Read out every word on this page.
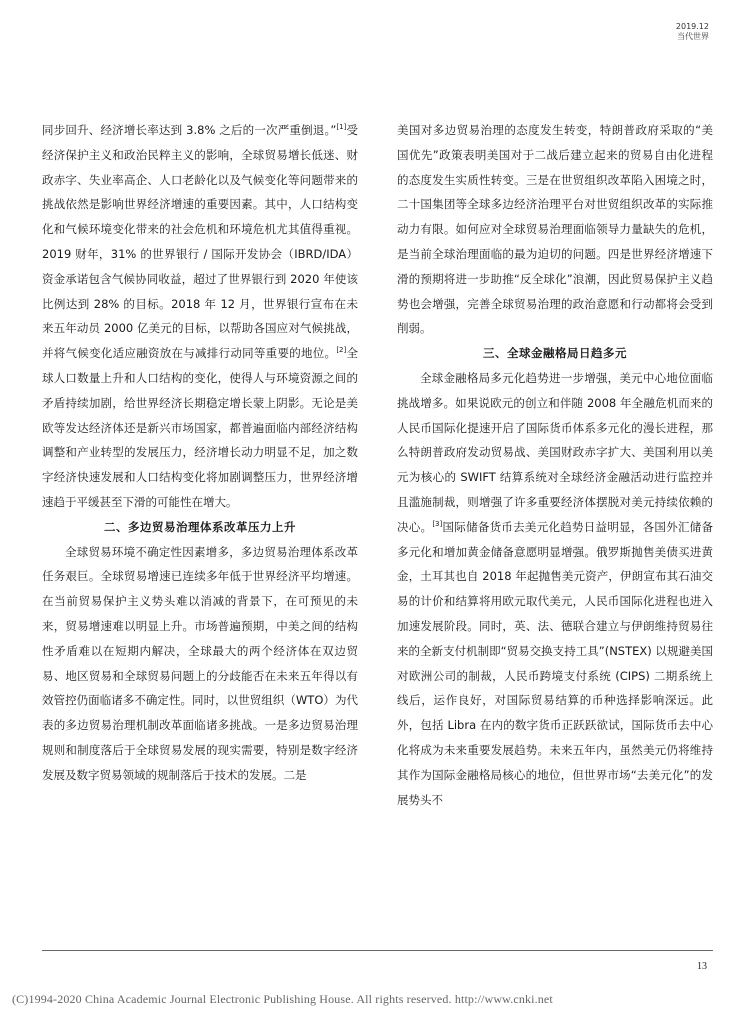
2019.12
当代世界

同步回升、经济增长率达到 3.8% 之后的一次严重倒退。”[1]受经济保护主义和政治民粹主义的影响，全球贸易增长低迷、财政赤字、失业率高企、人口老龄化以及气候变化等问题带来的挑战依然是影响世界经济增速的重要因素。其中，人口结构变化和气候环境变化带来的社会危机和环境危机尤其值得重视。2019 财年，31% 的世界银行 / 国际开发协会（IBRD/IDA）资金承诺包含气候协同收益，超过了世界银行到 2020 年使该比例达到 28% 的目标。2018 年 12 月，世界银行宣布在未来五年动员 2000 亿美元的目标，以帮助各国应对气候挑战，并将气候变化适应融资放在与减排行动同等重要的地位。[2]全球人口数量上升和人口结构的变化，使得人与环境资源之间的矛盾持续加剧，给世界经济长期稳定增长蒙上阴影。无论是美欧等发达经济体还是新兴市场国家，都普遍面临内部经济结构调整和产业转型的发展压力，经济增长动力明显不足，加之数字经济快速发展和人口结构变化将加剧调整压力，世界经济增速趋于平缓甚至下滑的可能性在增大。

二、多边贸易治理体系改革压力上升

全球贸易环境不确定性因素增多，多边贸易治理体系改革任务艰巨。全球贸易增速已连续多年低于世界经济平均增速。在当前贸易保护主义势头难以消减的背景下，在可预见的未来，贸易增速难以明显上升。市场普遍预期，中美之间的结构性矛盾难以在短期内解决，全球最大的两个经济体在双边贸易、地区贸易和全球贸易问题上的分歧能否在未来五年得以有效管控仍面临诸多不确定性。同时，以世贸组织（WTO）为代表的多边贸易治理机制改革面临诸多挑战。一是多边贸易治理规则和制度落后于全球贸易发展的现实需要，特别是数字经济发展及数字贸易领域的规制落后于技术的发展。二是

美国对多边贸易治理的态度发生转变，特朗普政府采取的“美国优先”政策表明美国对于二战后建立起来的贸易自由化进程的态度发生实质性转变。三是在世贸组织改革陷入困境之时，二十国集团等全球多边经济治理平台对世贸组织改革的实际推动力有限。如何应对全球贸易治理面临领导力量缺失的危机，是当前全球治理面临的最为迫切的问题。四是世界经济增速下滑的预期将进一步助推“反全球化”浪潮，因此贸易保护主义趋势也会增强，完善全球贸易治理的政治意愿和行动都将会受到削弱。

三、全球金融格局日趋多元

全球金融格局多元化趋势进一步增强，美元中心地位面临挑战增多。如果说欧元的创立和伴随 2008 年全融危机而来的人民币国际化提速开启了国际货币体系多元化的漫长进程，那么特朗普政府发动贸易战、美国财政赤字扩大、美国利用以美元为核心的 SWIFT 结算系统对全球经济金融活动进行监控并且滥施制裁，则增强了许多重要经济体摆脱对美元持续依赖的决心。[3]国际储备货币去美元化趋势日益明显，各国外汇储备多元化和增加黄金储备意愿明显增强。俄罗斯抛售美债买进黄金，土耳其也自 2018 年起抛售美元资产，伊朗宣布其石油交易的计价和结算将用欧元取代美元，人民币国际化进程也进入加速发展阶段。同时，英、法、德联合建立与伊朗维持贸易往来的全新支付机制即“贸易交换支持工具”(NSTEX) 以规避美国对欧洲公司的制裁，人民币跨境支付系统 (CIPS) 二期系统上线后，运作良好，对国际贸易结算的币种选择影响深远。此外，包括 Libra 在内的数字货币正跃跃欲试，国际货币去中心化将成为未来重要发展趋势。未来五年内，虽然美元仍将维持其作为国际金融格局核心的地位，但世界市场“去美元化”的发展势头不

13
(C)1994-2020 China Academic Journal Electronic Publishing House. All rights reserved. http://www.cnki.net
